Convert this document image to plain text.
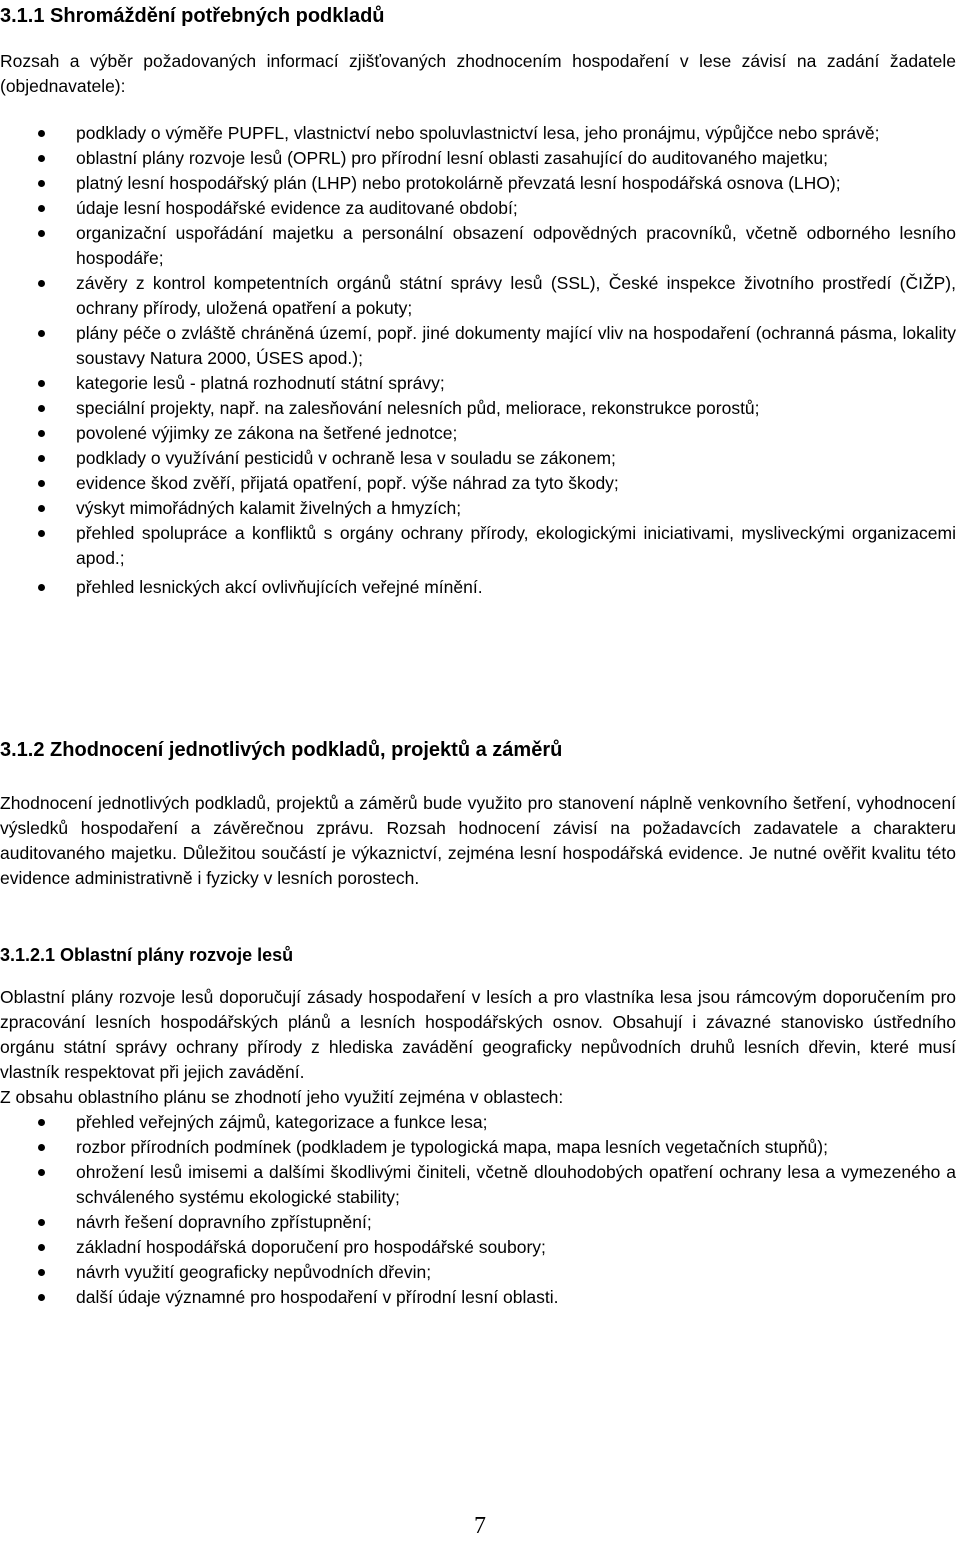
3.1.1 Shromáždění potřebných podkladů

Rozsah a výběr požadovaných informací zjišťovaných zhodnocením hospodaření v lese závisí na zadání žadatele (objednavatele):

podklady o výměře PUPFL, vlastnictví nebo spoluvlastnictví lesa, jeho pronájmu, výpůjčce nebo správě;
oblastní plány rozvoje lesů (OPRL) pro přírodní lesní oblasti zasahující do auditovaného majetku;
platný lesní hospodářský plán (LHP) nebo protokolárně převzatá lesní hospodářská osnova (LHO);
údaje lesní hospodářské evidence za auditované období;
organizační uspořádání majetku a personální obsazení odpovědných pracovníků, včetně odborného lesního hospodáře;
závěry z kontrol kompetentních orgánů státní správy lesů (SSL), České inspekce životního prostředí (ČIŽP), ochrany přírody, uložená opatření a pokuty;
plány péče o zvláště chráněná území, popř. jiné dokumenty mající vliv na hospodaření (ochranná pásma, lokality soustavy Natura 2000, ÚSES apod.);
kategorie lesů - platná rozhodnutí státní správy;
speciální projekty, např. na zalesňování nelesních půd, meliorace, rekonstrukce porostů;
povolené výjimky ze zákona na šetřené jednotce;
podklady o využívání pesticidů v ochraně lesa v souladu se zákonem;
evidence škod zvěří, přijatá opatření, popř. výše náhrad za tyto škody;
výskyt mimořádných kalamit živelných a hmyzích;
přehled spolupráce a konfliktů s orgány ochrany přírody, ekologickými iniciativami, mysliveckými organizacemi apod.;
přehled lesnických akcí ovlivňujících veřejné mínění.
3.1.2 Zhodnocení jednotlivých podkladů, projektů a záměrů

Zhodnocení jednotlivých podkladů, projektů a záměrů bude využito pro stanovení náplně venkovního šetření, vyhodnocení výsledků hospodaření a závěrečnou zprávu. Rozsah hodnocení závisí na požadavcích zadavatele a charakteru auditovaného majetku. Důležitou součástí je výkaznictví, zejména lesní hospodářská evidence. Je nutné ověřit kvalitu této evidence administrativně i fyzicky v lesních porostech.

3.1.2.1 Oblastní plány rozvoje lesů

Oblastní plány rozvoje lesů doporučují zásady hospodaření v lesích a pro vlastníka lesa jsou rámcovým doporučením pro zpracování lesních hospodářských plánů a lesních hospodářských osnov. Obsahují i závazné stanovisko ústředního orgánu státní správy ochrany přírody z hlediska zavádění geograficky nepůvodních druhů lesních dřevin, které musí vlastník respektovat při jejich zavádění.

Z obsahu oblastního plánu se zhodnotí jeho využití zejména v oblastech:

přehled veřejných zájmů, kategorizace a funkce lesa;
rozbor přírodních podmínek (podkladem je typologická mapa, mapa lesních vegetačních stupňů);
ohrožení lesů imisemi a dalšími škodlivými činiteli, včetně dlouhodobých opatření ochrany lesa a vymezeného a schváleného systému ekologické stability;
návrh řešení dopravního zpřístupnění;
základní hospodářská doporučení pro hospodářské soubory;
návrh využití geograficky nepůvodních dřevin;
další údaje významné pro hospodaření v přírodní lesní oblasti.
7
